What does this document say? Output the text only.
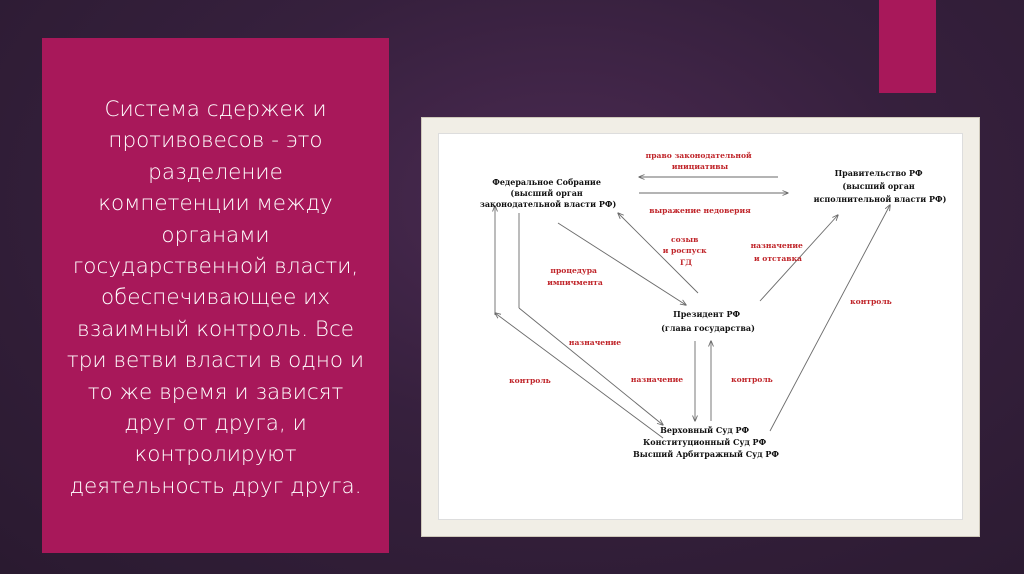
Система сдержек и
противовесов - это
разделение
компетенции между
органами
государственной власти,
обеспечивающее их
взаимный контроль. Все
три ветви власти в одно и
то же время и зависят
друг от друга, и
контролируют
деятельность друг друга.
Федеральное Собрание (высший орган законодательной власти РФ)
Правительство РФ (высший орган исполнительной власти РФ)
Президент РФ (глава государства)
Верховный Суд РФ Конституционный Суд РФ Высший Арбитражный Суд РФ
право законодательной инициативы
выражение недоверия
созыв и роспуск ГД
назначение и отставка
процедура импичмента
контроль
назначение
контроль	назначение	контроль
